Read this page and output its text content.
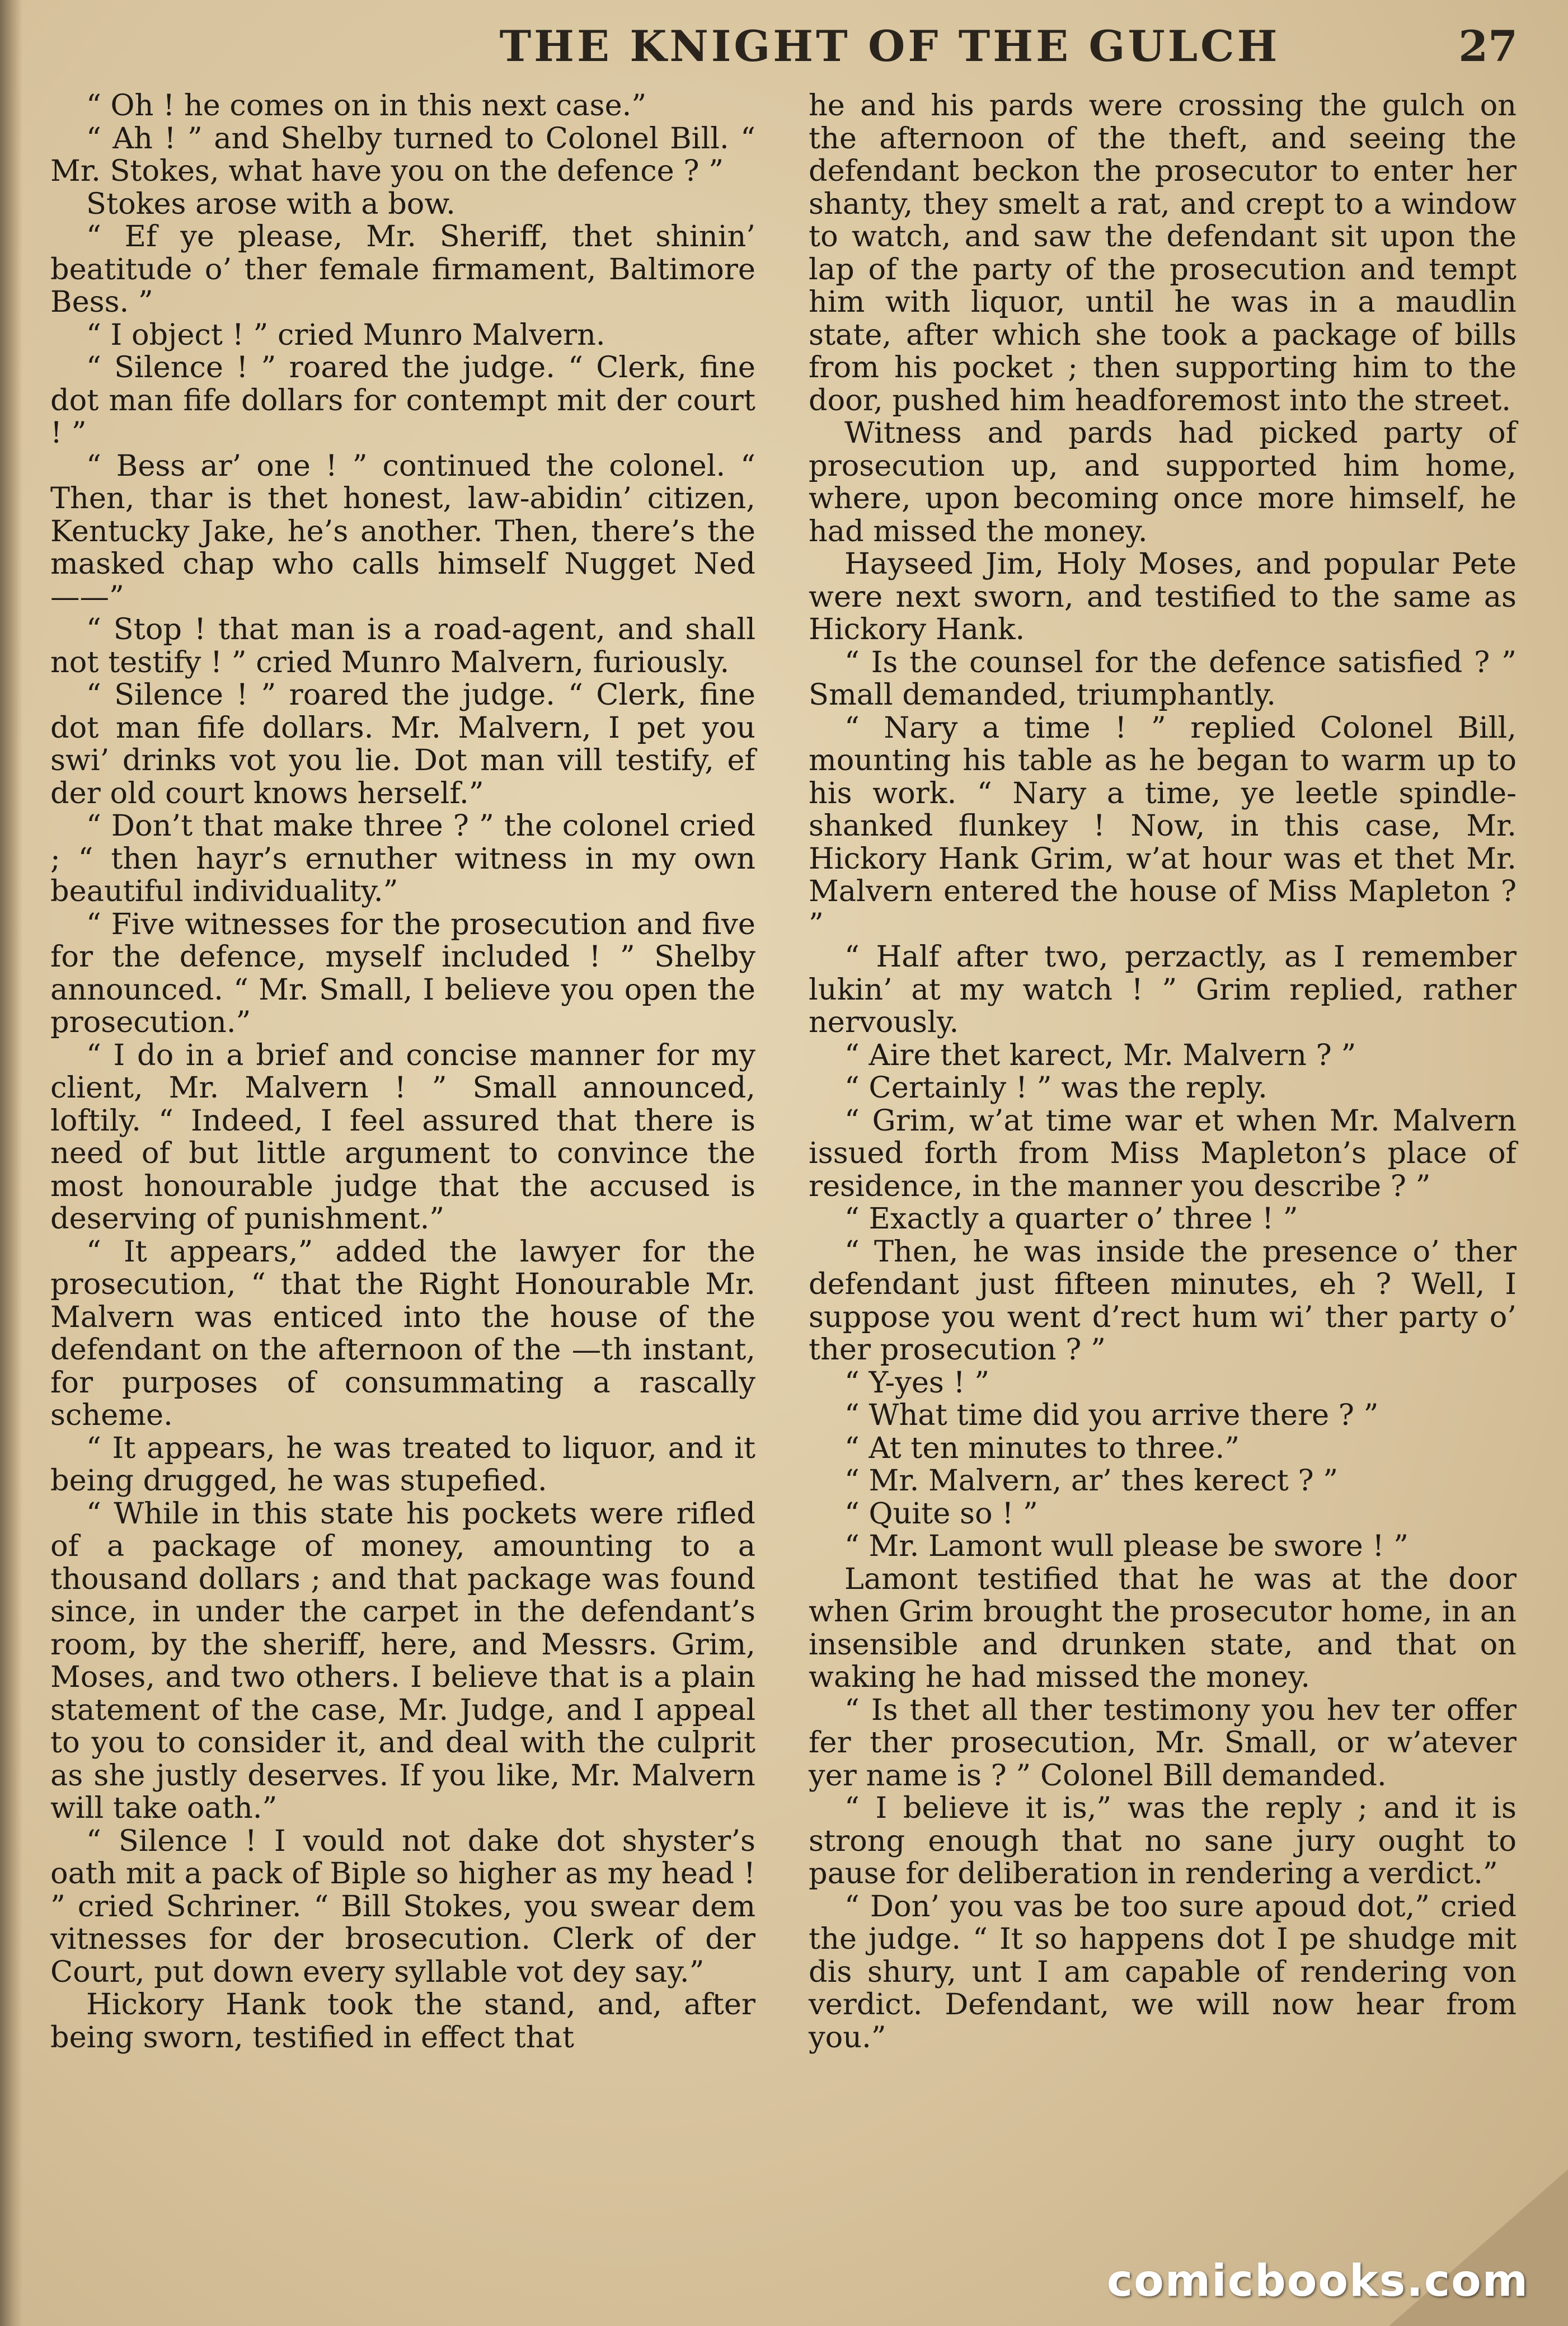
THE KNIGHT OF THE GULCH	27

“ Oh ! he comes on in this next case.”

“ Ah ! ” and Shelby turned to Colonel Bill. “ Mr. Stokes, what have you on the defence ? ”

Stokes arose with a bow.

“ Ef ye please, Mr. Sheriff, thet shinin’ beatitude o’ ther female firmament, Baltimore Bess. ”

“ I object ! ” cried Munro Malvern.

“ Silence ! ” roared the judge. “ Clerk, fine dot man fife dollars for contempt mit der court ! ”

“ Bess ar’ one ! ” continued the colonel. “ Then, thar is thet honest, law-abidin’ citizen, Kentucky Jake, he’s another. Then, there’s the masked chap who calls himself Nugget Ned——”

“ Stop ! that man is a road-agent, and shall not testify ! ” cried Munro Malvern, furiously.

“ Silence ! ” roared the judge. “ Clerk, fine dot man fife dollars. Mr. Malvern, I pet you swi’ drinks vot you lie. Dot man vill testify, ef der old court knows herself.”

“ Don’t that make three ? ” the colonel cried ; “ then hayr’s ernuther witness in my own beautiful individuality.”

“ Five witnesses for the prosecution and five for the defence, myself included ! ” Shelby announced. “ Mr. Small, I believe you open the prosecution.”

“ I do in a brief and concise manner for my client, Mr. Malvern ! ” Small announced, loftily. “ Indeed, I feel assured that there is need of but little argument to convince the most honourable judge that the accused is deserving of punishment.”

“ It appears,” added the lawyer for the prosecution, “ that the Right Honourable Mr. Malvern was enticed into the house of the defendant on the afternoon of the —th instant, for purposes of consummating a rascally scheme.

“ It appears, he was treated to liquor, and it being drugged, he was stupefied.

“ While in this state his pockets were rifled of a package of money, amounting to a thousand dollars ; and that package was found since, in under the carpet in the defendant’s room, by the sheriff, here, and Messrs. Grim, Moses, and two others. I believe that is a plain statement of the case, Mr. Judge, and I appeal to you to consider it, and deal with the culprit as she justly deserves. If you like, Mr. Malvern will take oath.”

“ Silence ! I vould not dake dot shyster’s oath mit a pack of Biple so higher as my head ! ” cried Schriner. “ Bill Stokes, you swear dem vitnesses for der brosecution. Clerk of der Court, put down every syllable vot dey say.”

Hickory Hank took the stand, and, after being sworn, testified in effect that

he and his pards were crossing the gulch on the afternoon of the theft, and seeing the defendant beckon the prosecutor to enter her shanty, they smelt a rat, and crept to a window to watch, and saw the defendant sit upon the lap of the party of the prosecution and tempt him with liquor, until he was in a maudlin state, after which she took a package of bills from his pocket ; then supporting him to the door, pushed him headforemost into the street.

Witness and pards had picked party of prosecution up, and supported him home, where, upon becoming once more himself, he had missed the money.

Hayseed Jim, Holy Moses, and popular Pete were next sworn, and testified to the same as Hickory Hank.

“ Is the counsel for the defence satisfied ? ” Small demanded, triumphantly.

“ Nary a time ! ” replied Colonel Bill, mounting his table as he began to warm up to his work. “ Nary a time, ye leetle spindle-shanked flunkey ! Now, in this case, Mr. Hickory Hank Grim, w’at hour was et thet Mr. Malvern entered the house of Miss Mapleton ? ”

“ Half after two, perzactly, as I remember lukin’ at my watch ! ” Grim replied, rather nervously.

“ Aire thet karect, Mr. Malvern ? ”

“ Certainly ! ” was the reply.

“ Grim, w’at time war et when Mr. Malvern issued forth from Miss Mapleton’s place of residence, in the manner you describe ? ”

“ Exactly a quarter o’ three ! ”

“ Then, he was inside the presence o’ ther defendant just fifteen minutes, eh ? Well, I suppose you went d’rect hum wi’ ther party o’ ther prosecution ? ”

“ Y-yes ! ”

“ What time did you arrive there ? ”

“ At ten minutes to three.”

“ Mr. Malvern, ar’ thes kerect ? ”

“ Quite so ! ”

“ Mr. Lamont wull please be swore ! ”

Lamont testified that he was at the door when Grim brought the prosecutor home, in an insensible and drunken state, and that on waking he had missed the money.

“ Is thet all ther testimony you hev ter offer fer ther prosecution, Mr. Small, or w’atever yer name is ? ” Colonel Bill demanded.

“ I believe it is,” was the reply ; and it is strong enough that no sane jury ought to pause for deliberation in rendering a verdict.”

“ Don’ you vas be too sure apoud dot,” cried the judge. “ It so happens dot I pe shudge mit dis shury, unt I am capable of rendering von verdict. Defendant, we will now hear from you.”

comicbooks.com
